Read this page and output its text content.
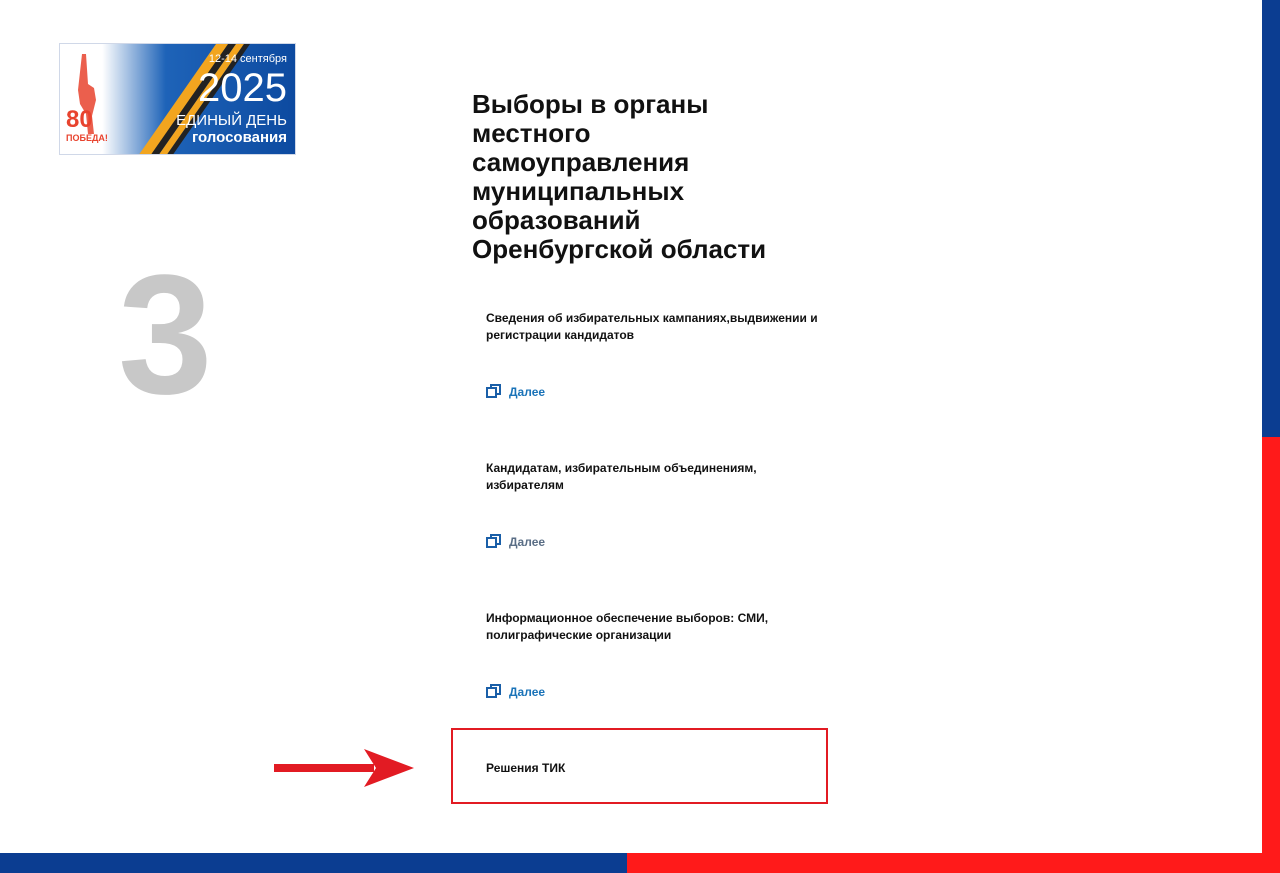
80
ПОБЕДА!
12-14 сентября
2025
ЕДИНЫЙ ДЕНЬ
голосования
3
Выборы в органы местного самоуправления муниципальных образований Оренбургской области

Сведения об избирательных кампаниях,выдвижении и регистрации кандидатов

Далее

Кандидатам, избирательным объединениям, избирателям

Далее

Информационное обеспечение выборов: СМИ, полиграфические организации

Далее

Решения ТИК
